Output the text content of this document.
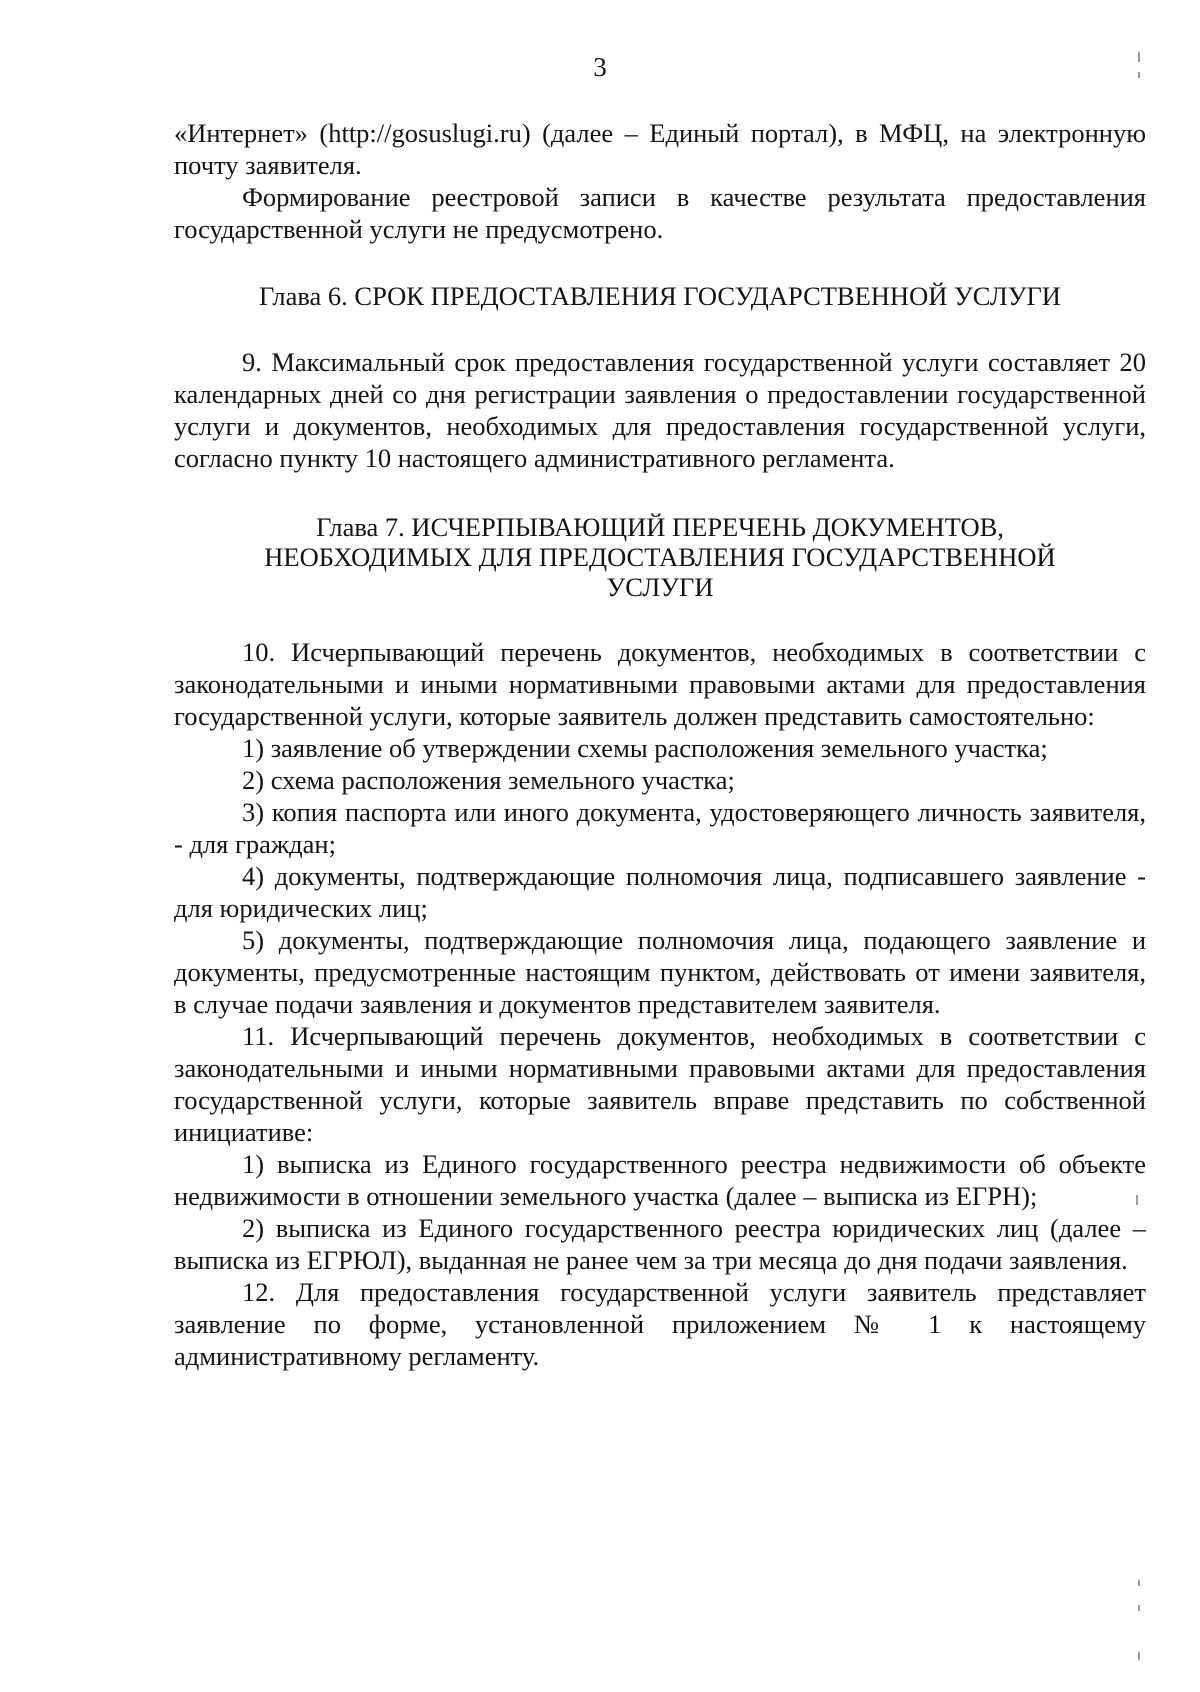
3

«Интернет» (http://gosuslugi.ru) (далее – Единый портал), в МФЦ, на электронную почту заявителя.

Формирование реестровой записи в качестве результата предоставления государственной услуги не предусмотрено.

Глава 6. СРОК ПРЕДОСТАВЛЕНИЯ ГОСУДАРСТВЕННОЙ УСЛУГИ

9. Максимальный срок предоставления государственной услуги составляет 20 календарных дней со дня регистрации заявления о предоставлении государственной услуги и документов, необходимых для предоставления государственной услуги, согласно пункту 10 настоящего административного регламента.

Глава 7. ИСЧЕРПЫВАЮЩИЙ ПЕРЕЧЕНЬ ДОКУМЕНТОВ,
НЕОБХОДИМЫХ ДЛЯ ПРЕДОСТАВЛЕНИЯ ГОСУДАРСТВЕННОЙ
УСЛУГИ

10. Исчерпывающий перечень документов, необходимых в соответствии с законодательными и иными нормативными правовыми актами для предоставления государственной услуги, которые заявитель должен представить самостоятельно:

1) заявление об утверждении схемы расположения земельного участка;

2) схема расположения земельного участка;

3) копия паспорта или иного документа, удостоверяющего личность заявителя, - для граждан;

4) документы, подтверждающие полномочия лица, подписавшего заявление - для юридических лиц;

5) документы, подтверждающие полномочия лица, подающего заявление и документы, предусмотренные настоящим пунктом, действовать от имени заявителя, в случае подачи заявления и документов представителем заявителя.

11. Исчерпывающий перечень документов, необходимых в соответствии с законодательными и иными нормативными правовыми актами для предоставления государственной услуги, которые заявитель вправе представить по собственной инициативе:

1) выписка из Единого государственного реестра недвижимости об объекте недвижимости в отношении земельного участка (далее – выписка из ЕГРН);

2) выписка из Единого государственного реестра юридических лиц (далее – выписка из ЕГРЮЛ), выданная не ранее чем за три месяца до дня подачи заявления.

12. Для предоставления государственной услуги заявитель представляет заявление по форме, установленной приложением № 1 к настоящему административному регламенту.
